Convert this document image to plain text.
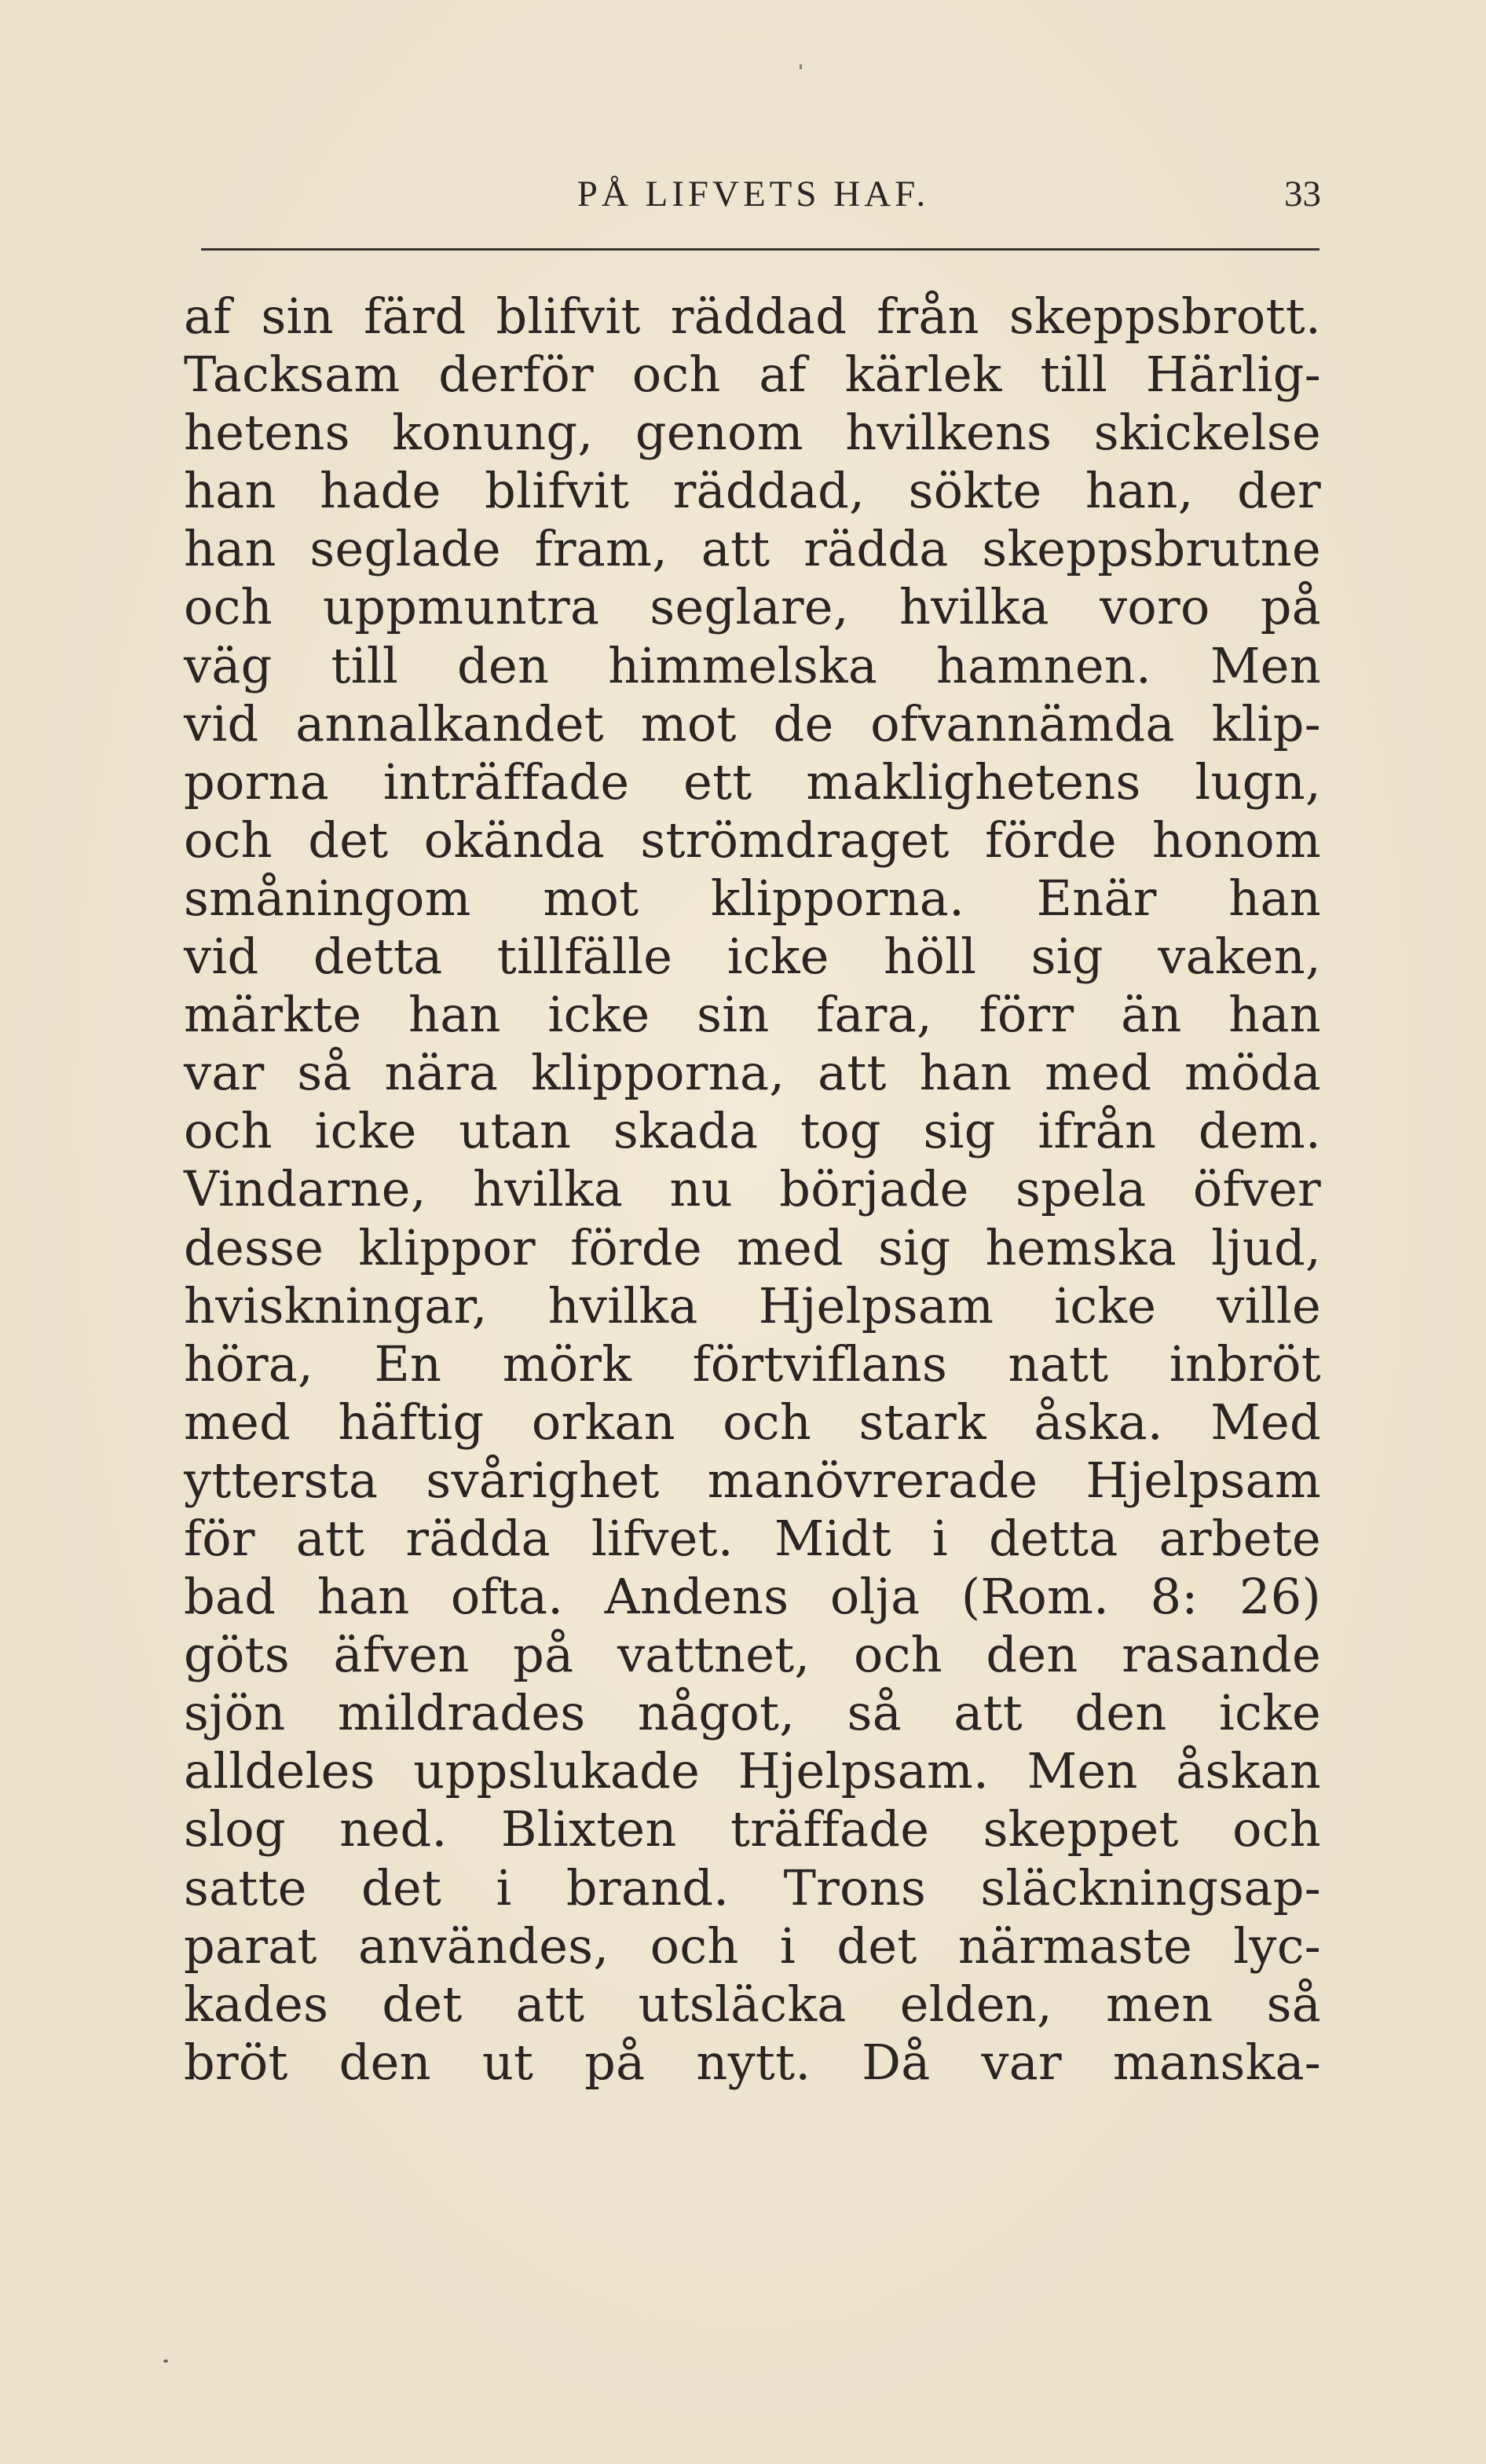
PÅ LIFVETS HAF.	33
af sin färd blifvit räddad från skeppsbrott.
Tacksam derför och af kärlek till Härlig-
hetens konung, genom hvilkens skickelse
han hade blifvit räddad, sökte han, der
han seglade fram, att rädda skeppsbrutne
och uppmuntra seglare, hvilka voro på
väg till den himmelska hamnen. Men
vid annalkandet mot de ofvannämda klip-
porna inträffade ett maklighetens lugn,
och det okända strömdraget förde honom
småningom mot klipporna. Enär han
vid detta tillfälle icke höll sig vaken,
märkte han icke sin fara, förr än han
var så nära klipporna, att han med möda
och icke utan skada tog sig ifrån dem.
Vindarne, hvilka nu började spela öfver
desse klippor förde med sig hemska ljud,
hviskningar, hvilka Hjelpsam icke ville
höra, En mörk förtviflans natt inbröt
med häftig orkan och stark åska. Med
yttersta svårighet manövrerade Hjelpsam
för att rädda lifvet. Midt i detta arbete
bad han ofta. Andens olja (Rom. 8: 26)
göts äfven på vattnet, och den rasande
sjön mildrades något, så att den icke
alldeles uppslukade Hjelpsam. Men åskan
slog ned. Blixten träffade skeppet och
satte det i brand. Trons släckningsap-
parat användes, och i det närmaste lyc-
kades det att utsläcka elden, men så
bröt den ut på nytt. Då var manska-
